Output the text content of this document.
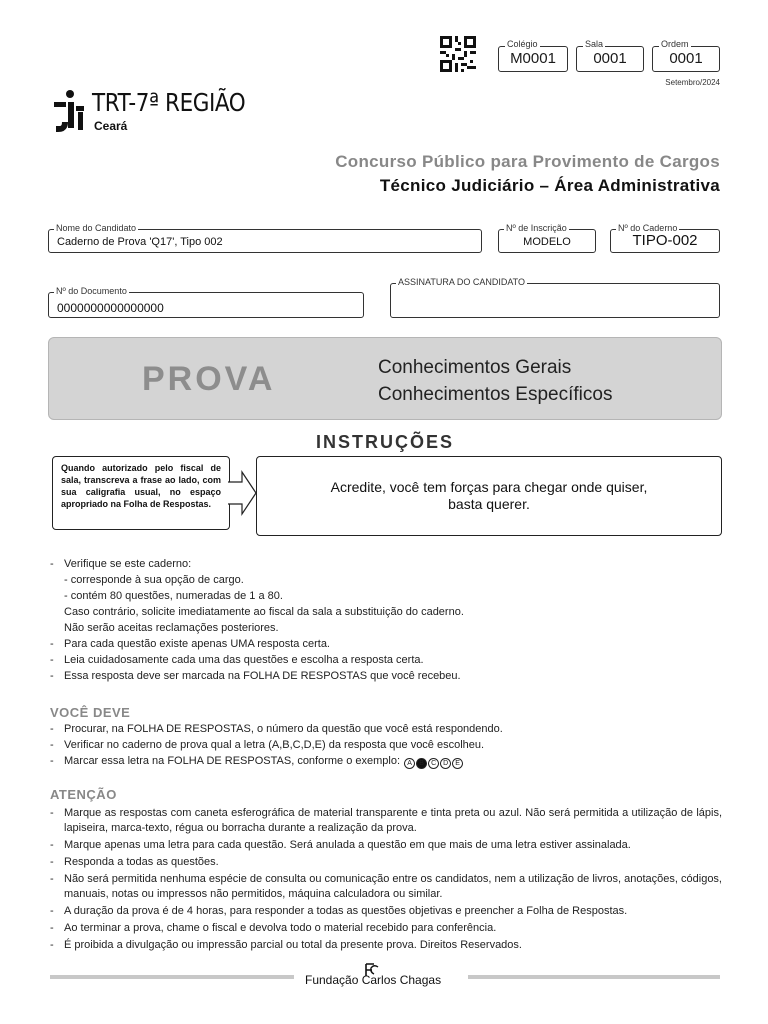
Colégio
M0001
Sala
0001
Ordem
0001
Setembro/2024
TRT-7ª REGIÃO
Ceará
Concurso Público para Provimento de Cargos
Técnico Judiciário – Área Administrativa
Nome do Candidato
Caderno de Prova 'Q17', Tipo 002
Nº de Inscrição
MODELO
Nº do Caderno
TIPO-002
Nº do Documento
0000000000000000
ASSINATURA DO CANDIDATO
PROVA	Conhecimentos Gerais
Conhecimentos Específicos
INSTRUÇÕES
Quando autorizado pelo fiscal de sala, transcreva a frase ao lado, com sua caligrafia usual, no espaço apropriado na Folha de Respostas.
Acredite, você tem forças para chegar onde quiser,
basta querer.
- Verifique se este caderno:
- corresponde à sua opção de cargo.
- contém 80 questões, numeradas de 1 a 80.
Caso contrário, solicite imediatamente ao fiscal da sala a substituição do caderno.
Não serão aceitas reclamações posteriores.
- Para cada questão existe apenas UMA resposta certa.
- Leia cuidadosamente cada uma das questões e escolha a resposta certa.
- Essa resposta deve ser marcada na FOLHA DE RESPOSTAS que você recebeu.
VOCÊ DEVE
- Procurar, na FOLHA DE RESPOSTAS, o número da questão que você está respondendo.
- Verificar no caderno de prova qual a letra (A,B,C,D,E) da resposta que você escolheu.
- Marcar essa letra na FOLHA DE RESPOSTAS, conforme o exemplo: A B C D E
ATENÇÃO
- Marque as respostas com caneta esferográfica de material transparente e tinta preta ou azul. Não será permitida a utilização de lápis, lapiseira, marca-texto, régua ou borracha durante a realização da prova.
- Marque apenas uma letra para cada questão. Será anulada a questão em que mais de uma letra estiver assinalada.
- Responda a todas as questões.
- Não será permitida nenhuma espécie de consulta ou comunicação entre os candidatos, nem a utilização de livros, anotações, códigos, manuais, notas ou impressos não permitidos, máquina calculadora ou similar.
- A duração da prova é de 4 horas, para responder a todas as questões objetivas e preencher a Folha de Respostas.
- Ao terminar a prova, chame o fiscal e devolva todo o material recebido para conferência.
- É proibida a divulgação ou impressão parcial ou total da presente prova. Direitos Reservados.
Fundação Carlos Chagas
